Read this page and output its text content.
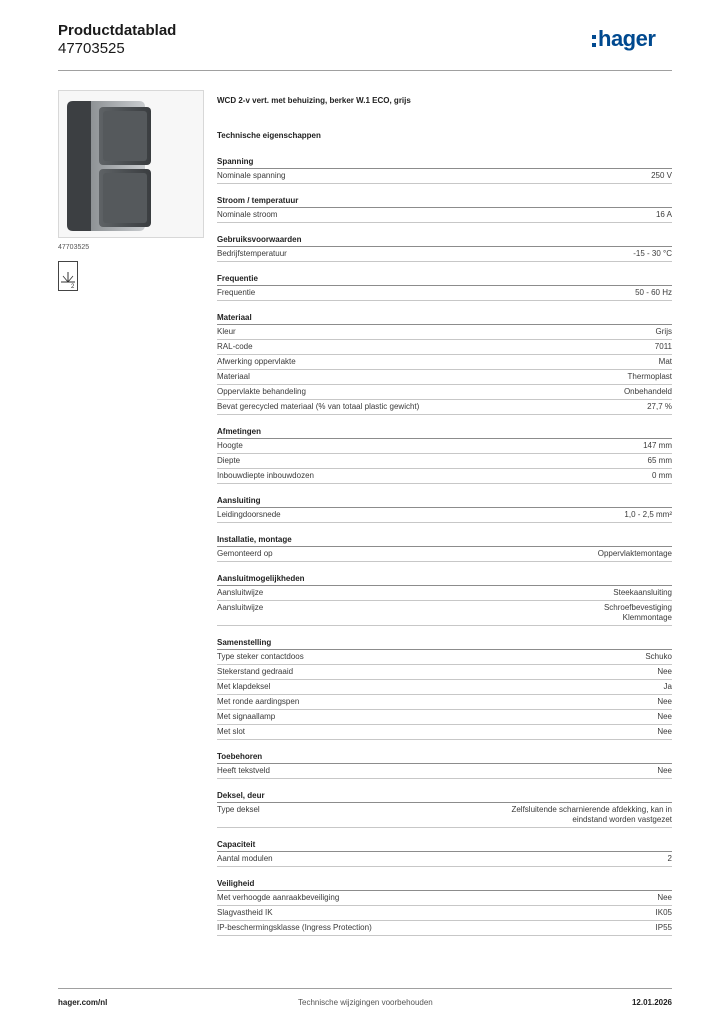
Productdatablad
47703525	hager
47703525
2
WCD 2-v vert. met behuizing, berker W.1 ECO, grijs
Technische eigenschappen
Spanning
Nominale spanning	250 V
Stroom / temperatuur
Nominale stroom	16 A
Gebruiksvoorwaarden
Bedrijfstemperatuur	-15 - 30 °C
Frequentie
Frequentie	50 - 60 Hz
Materiaal
Kleur	Grijs
RAL-code	7011
Afwerking oppervlakte	Mat
Materiaal	Thermoplast
Oppervlakte behandeling	Onbehandeld
Bevat gerecycled materiaal (% van totaal plastic gewicht)	27,7 %
Afmetingen
Hoogte	147 mm
Diepte	65 mm
Inbouwdiepte inbouwdozen	0 mm
Aansluiting
Leidingdoorsnede	1,0 - 2,5 mm²
Installatie, montage
Gemonteerd op	Oppervlaktemontage
Aansluitmogelijkheden
Aansluitwijze	Steekaansluiting
Aansluitwijze	Schroefbevestiging
Klemmontage
Samenstelling
Type steker contactdoos	Schuko
Stekerstand gedraaid	Nee
Met klapdeksel	Ja
Met ronde aardingspen	Nee
Met signaallamp	Nee
Met slot	Nee
Toebehoren
Heeft tekstveld	Nee
Deksel, deur
Type deksel	Zelfsluitende scharnierende afdekking, kan in
eindstand worden vastgezet
Capaciteit
Aantal modulen	2
Veiligheid
Met verhoogde aanraakbeveiliging	Nee
Slagvastheid IK	IK05
IP-beschermingsklasse (Ingress Protection)	IP55
hager.com/nl	Technische wijzigingen voorbehouden	12.01.2026
